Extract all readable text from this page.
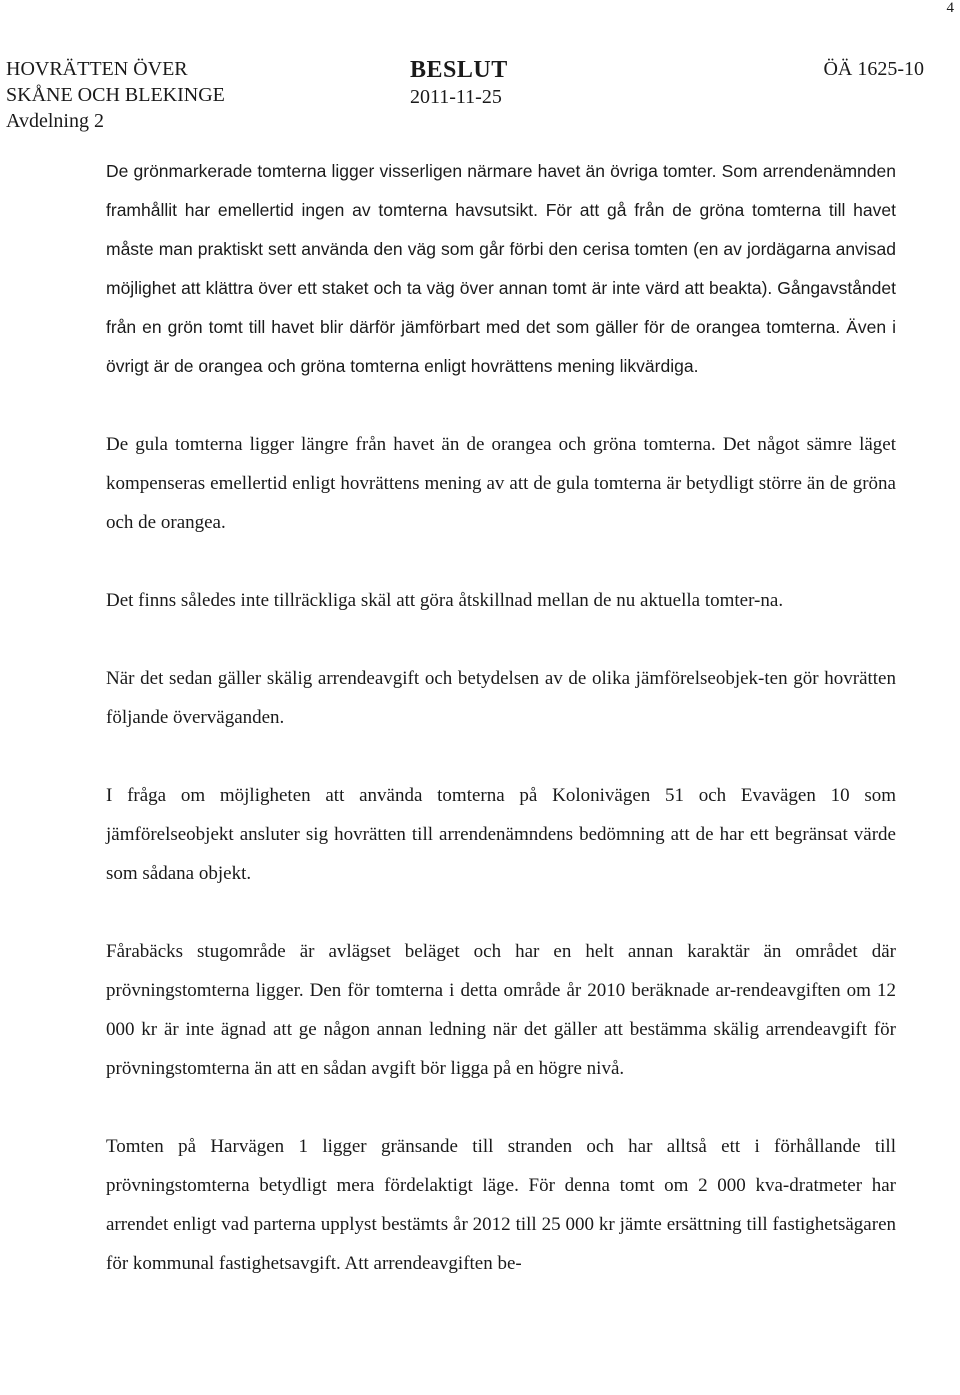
4
HOVRÄTTEN ÖVER
SKÅNE OCH BLEKINGE
Avdelning 2
BESLUT
2011-11-25
ÖÄ 1625-10

De grönmarkerade tomterna ligger visserligen närmare havet än övriga tomter. Som arrendenämnden framhållit har emellertid ingen av tomterna havsutsikt. För att gå från de gröna tomterna till havet måste man praktiskt sett använda den väg som går förbi den cerisa tomten (en av jordägarna anvisad möjlighet att klättra över ett staket och ta väg över annan tomt är inte värd att beakta). Gångavståndet från en grön tomt till havet blir därför jämförbart med det som gäller för de orangea tomterna. Även i övrigt är de orangea och gröna tomterna enligt hovrättens mening likvärdiga.

De gula tomterna ligger längre från havet än de orangea och gröna tomterna. Det något sämre läget kompenseras emellertid enligt hovrättens mening av att de gula tomterna är betydligt större än de gröna och de orangea.

Det finns således inte tillräckliga skäl att göra åtskillnad mellan de nu aktuella tomter-na.

När det sedan gäller skälig arrendeavgift och betydelsen av de olika jämförelseobjek-ten gör hovrätten följande överväganden.

I fråga om möjligheten att använda tomterna på Kolonivägen 51 och Evavägen 10 som jämförelseobjekt ansluter sig hovrätten till arrendenämndens bedömning att de har ett begränsat värde som sådana objekt.

Fårabäcks stugområde är avlägset beläget och har en helt annan karaktär än området där prövningstomterna ligger. Den för tomterna i detta område år 2010 beräknade ar-rendeavgiften om 12 000 kr är inte ägnad att ge någon annan ledning när det gäller att bestämma skälig arrendeavgift för prövningstomterna än att en sådan avgift bör ligga på en högre nivå.

Tomten på Harvägen 1 ligger gränsande till stranden och har alltså ett i förhållande till prövningstomterna betydligt mera fördelaktigt läge. För denna tomt om 2 000 kva-dratmeter har arrendet enligt vad parterna upplyst bestämts år 2012 till 25 000 kr jämte ersättning till fastighetsägaren för kommunal fastighetsavgift. Att arrendeavgiften be-
